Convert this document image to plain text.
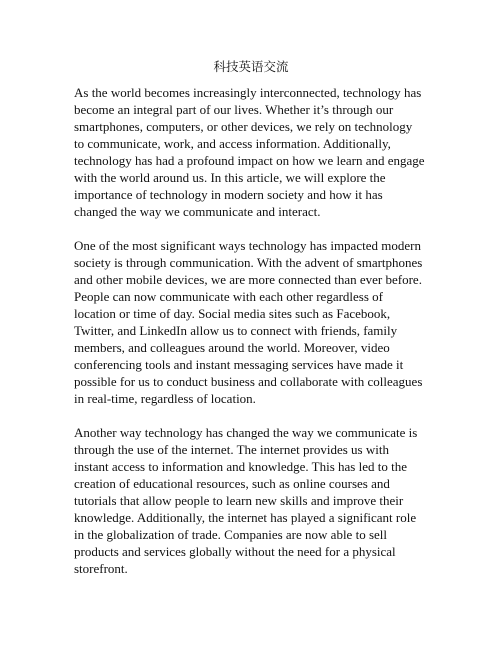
科技英语交流

As the world becomes increasingly interconnected, technology has
become an integral part of our lives. Whether it’s through our
smartphones, computers, or other devices, we rely on technology
to communicate, work, and access information. Additionally,
technology has had a profound impact on how we learn and engage
with the world around us. In this article, we will explore the
importance of technology in modern society and how it has
changed the way we communicate and interact.

One of the most significant ways technology has impacted modern
society is through communication. With the advent of smartphones
and other mobile devices, we are more connected than ever before.
People can now communicate with each other regardless of
location or time of day. Social media sites such as Facebook,
Twitter, and LinkedIn allow us to connect with friends, family
members, and colleagues around the world. Moreover, video
conferencing tools and instant messaging services have made it
possible for us to conduct business and collaborate with colleagues
in real-time, regardless of location.

Another way technology has changed the way we communicate is
through the use of the internet. The internet provides us with
instant access to information and knowledge. This has led to the
creation of educational resources, such as online courses and
tutorials that allow people to learn new skills and improve their
knowledge. Additionally, the internet has played a significant role
in the globalization of trade. Companies are now able to sell
products and services globally without the need for a physical
storefront.
